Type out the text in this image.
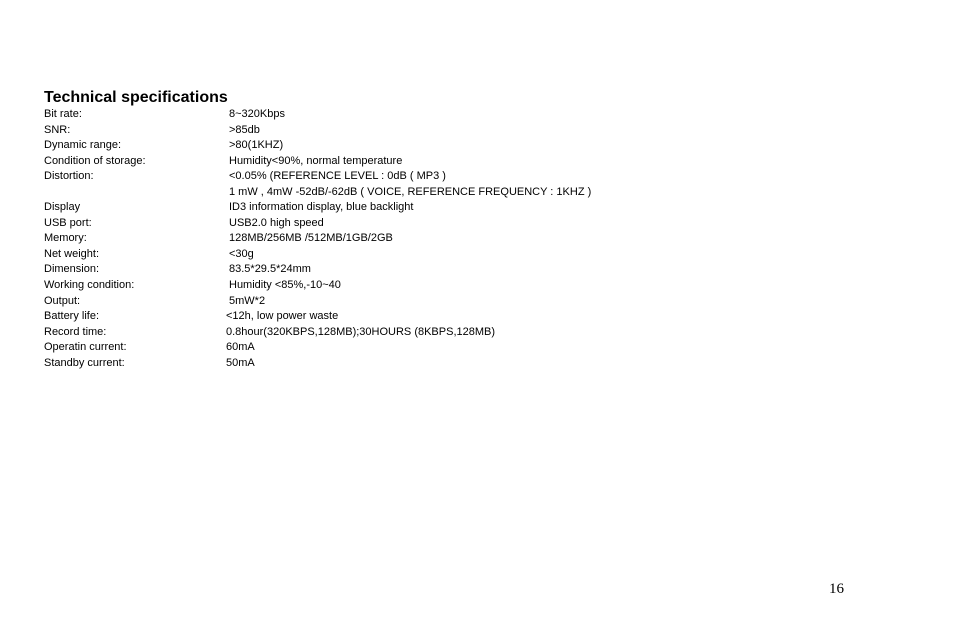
Technical specifications
Bit rate:	8~320Kbps
SNR:	>85db
Dynamic range:	>80(1KHZ)
Condition of storage:	Humidity<90%, normal temperature
Distortion:	<0.05% (REFERENCE LEVEL : 0dB ( MP3 )
1 mW , 4mW -52dB/-62dB ( VOICE, REFERENCE FREQUENCY : 1KHZ )
Display	ID3 information display, blue backlight
USB port:	USB2.0 high speed
Memory:	128MB/256MB /512MB/1GB/2GB
Net weight:	<30g
Dimension:	83.5*29.5*24mm
Working condition:	Humidity <85%,-10~40
Output:	5mW*2
Battery life:	<12h, low power waste
Record time:	0.8hour(320KBPS,128MB);30HOURS (8KBPS,128MB)
Operatin current:	60mA
Standby current:	50mA
16
